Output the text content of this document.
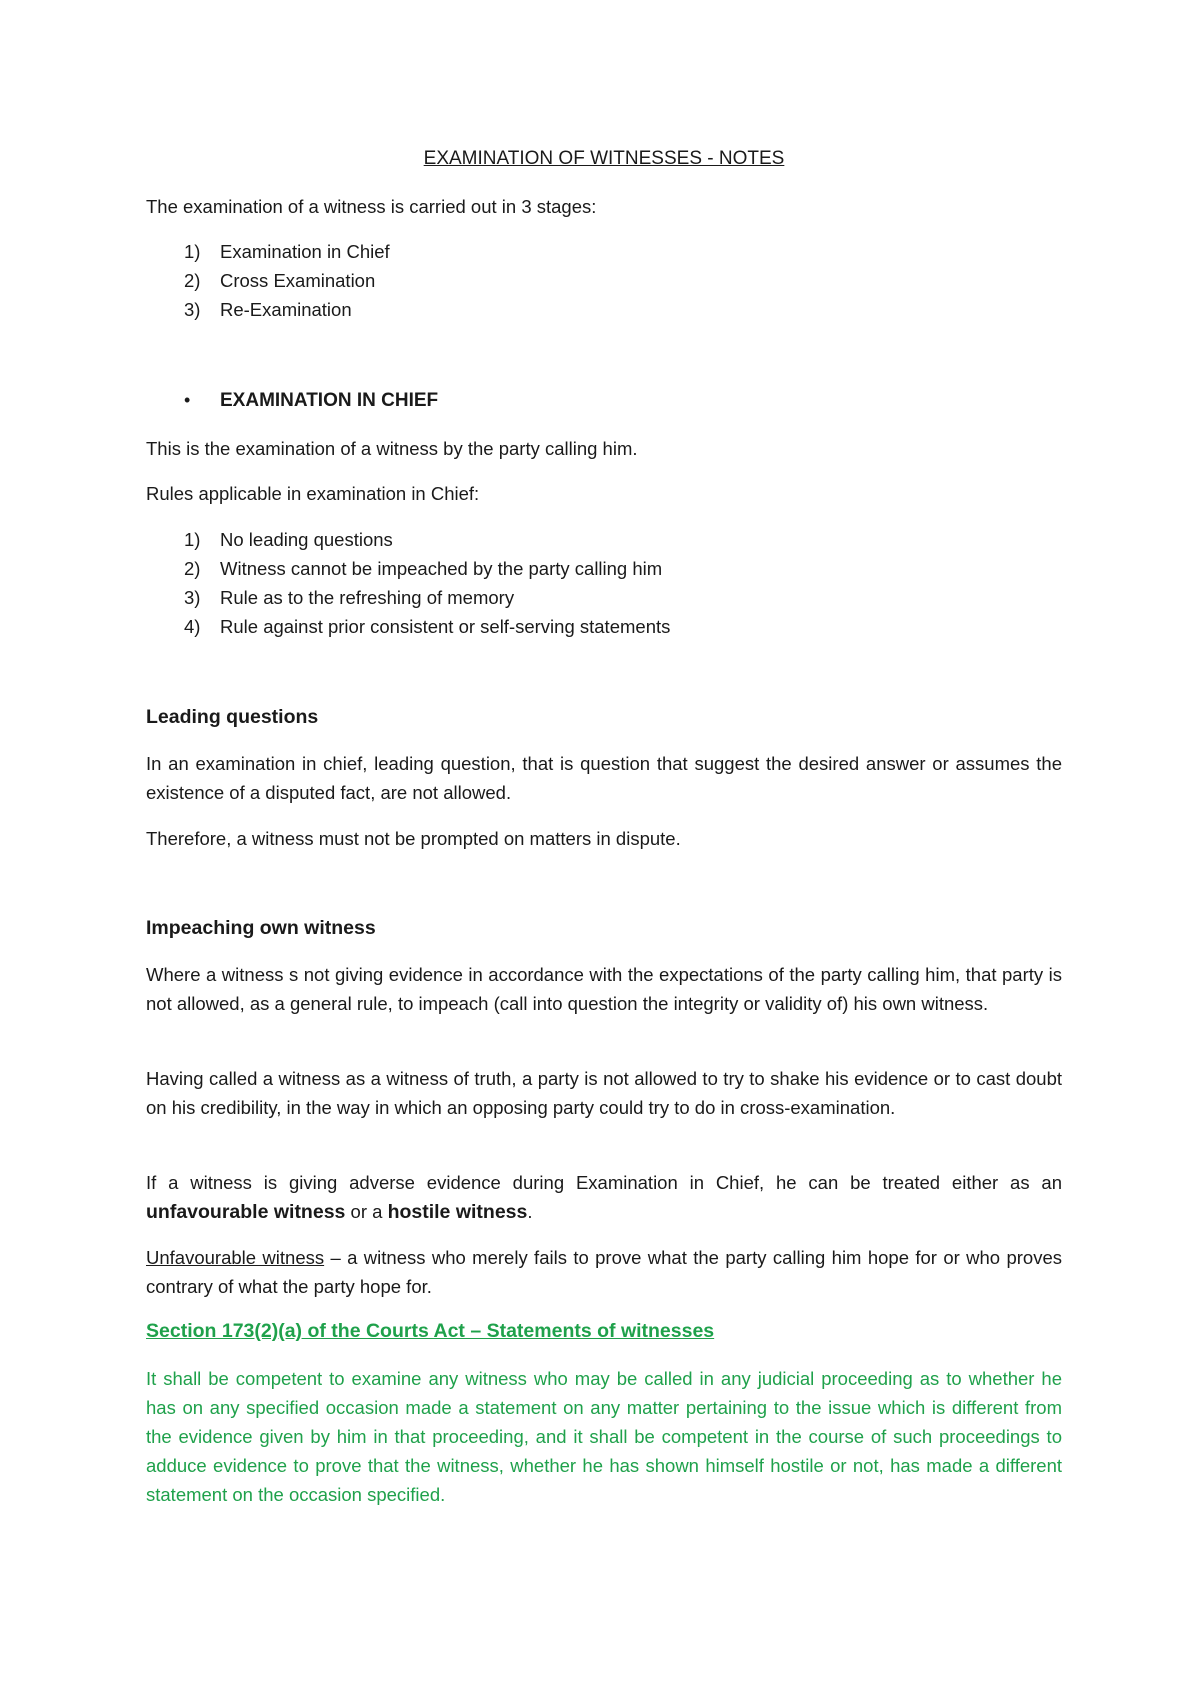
EXAMINATION OF WITNESSES - NOTES
The examination of a witness is carried out in 3 stages:
1) Examination in Chief
2) Cross Examination
3) Re-Examination
• EXAMINATION IN CHIEF
This is the examination of a witness by the party calling him.
Rules applicable in examination in Chief:
1) No leading questions
2) Witness cannot be impeached by the party calling him
3) Rule as to the refreshing of memory
4) Rule against prior consistent or self-serving statements
Leading questions
In an examination in chief, leading question, that is question that suggest the desired answer or assumes the existence of a disputed fact, are not allowed.
Therefore, a witness must not be prompted on matters in dispute.
Impeaching own witness
Where a witness s not giving evidence in accordance with the expectations of the party calling him, that party is not allowed, as a general rule, to impeach (call into question the integrity or validity of) his own witness.
Having called a witness as a witness of truth, a party is not allowed to try to shake his evidence or to cast doubt on his credibility, in the way in which an opposing party could try to do in cross-examination.
If a witness is giving adverse evidence during Examination in Chief, he can be treated either as an unfavourable witness or a hostile witness.
Unfavourable witness – a witness who merely fails to prove what the party calling him hope for or who proves contrary of what the party hope for.
Section 173(2)(a) of the Courts Act – Statements of witnesses
It shall be competent to examine any witness who may be called in any judicial proceeding as to whether he has on any specified occasion made a statement on any matter pertaining to the issue which is different from the evidence given by him in that proceeding, and it shall be competent in the course of such proceedings to adduce evidence to prove that the witness, whether he has shown himself hostile or not, has made a different statement on the occasion specified.
